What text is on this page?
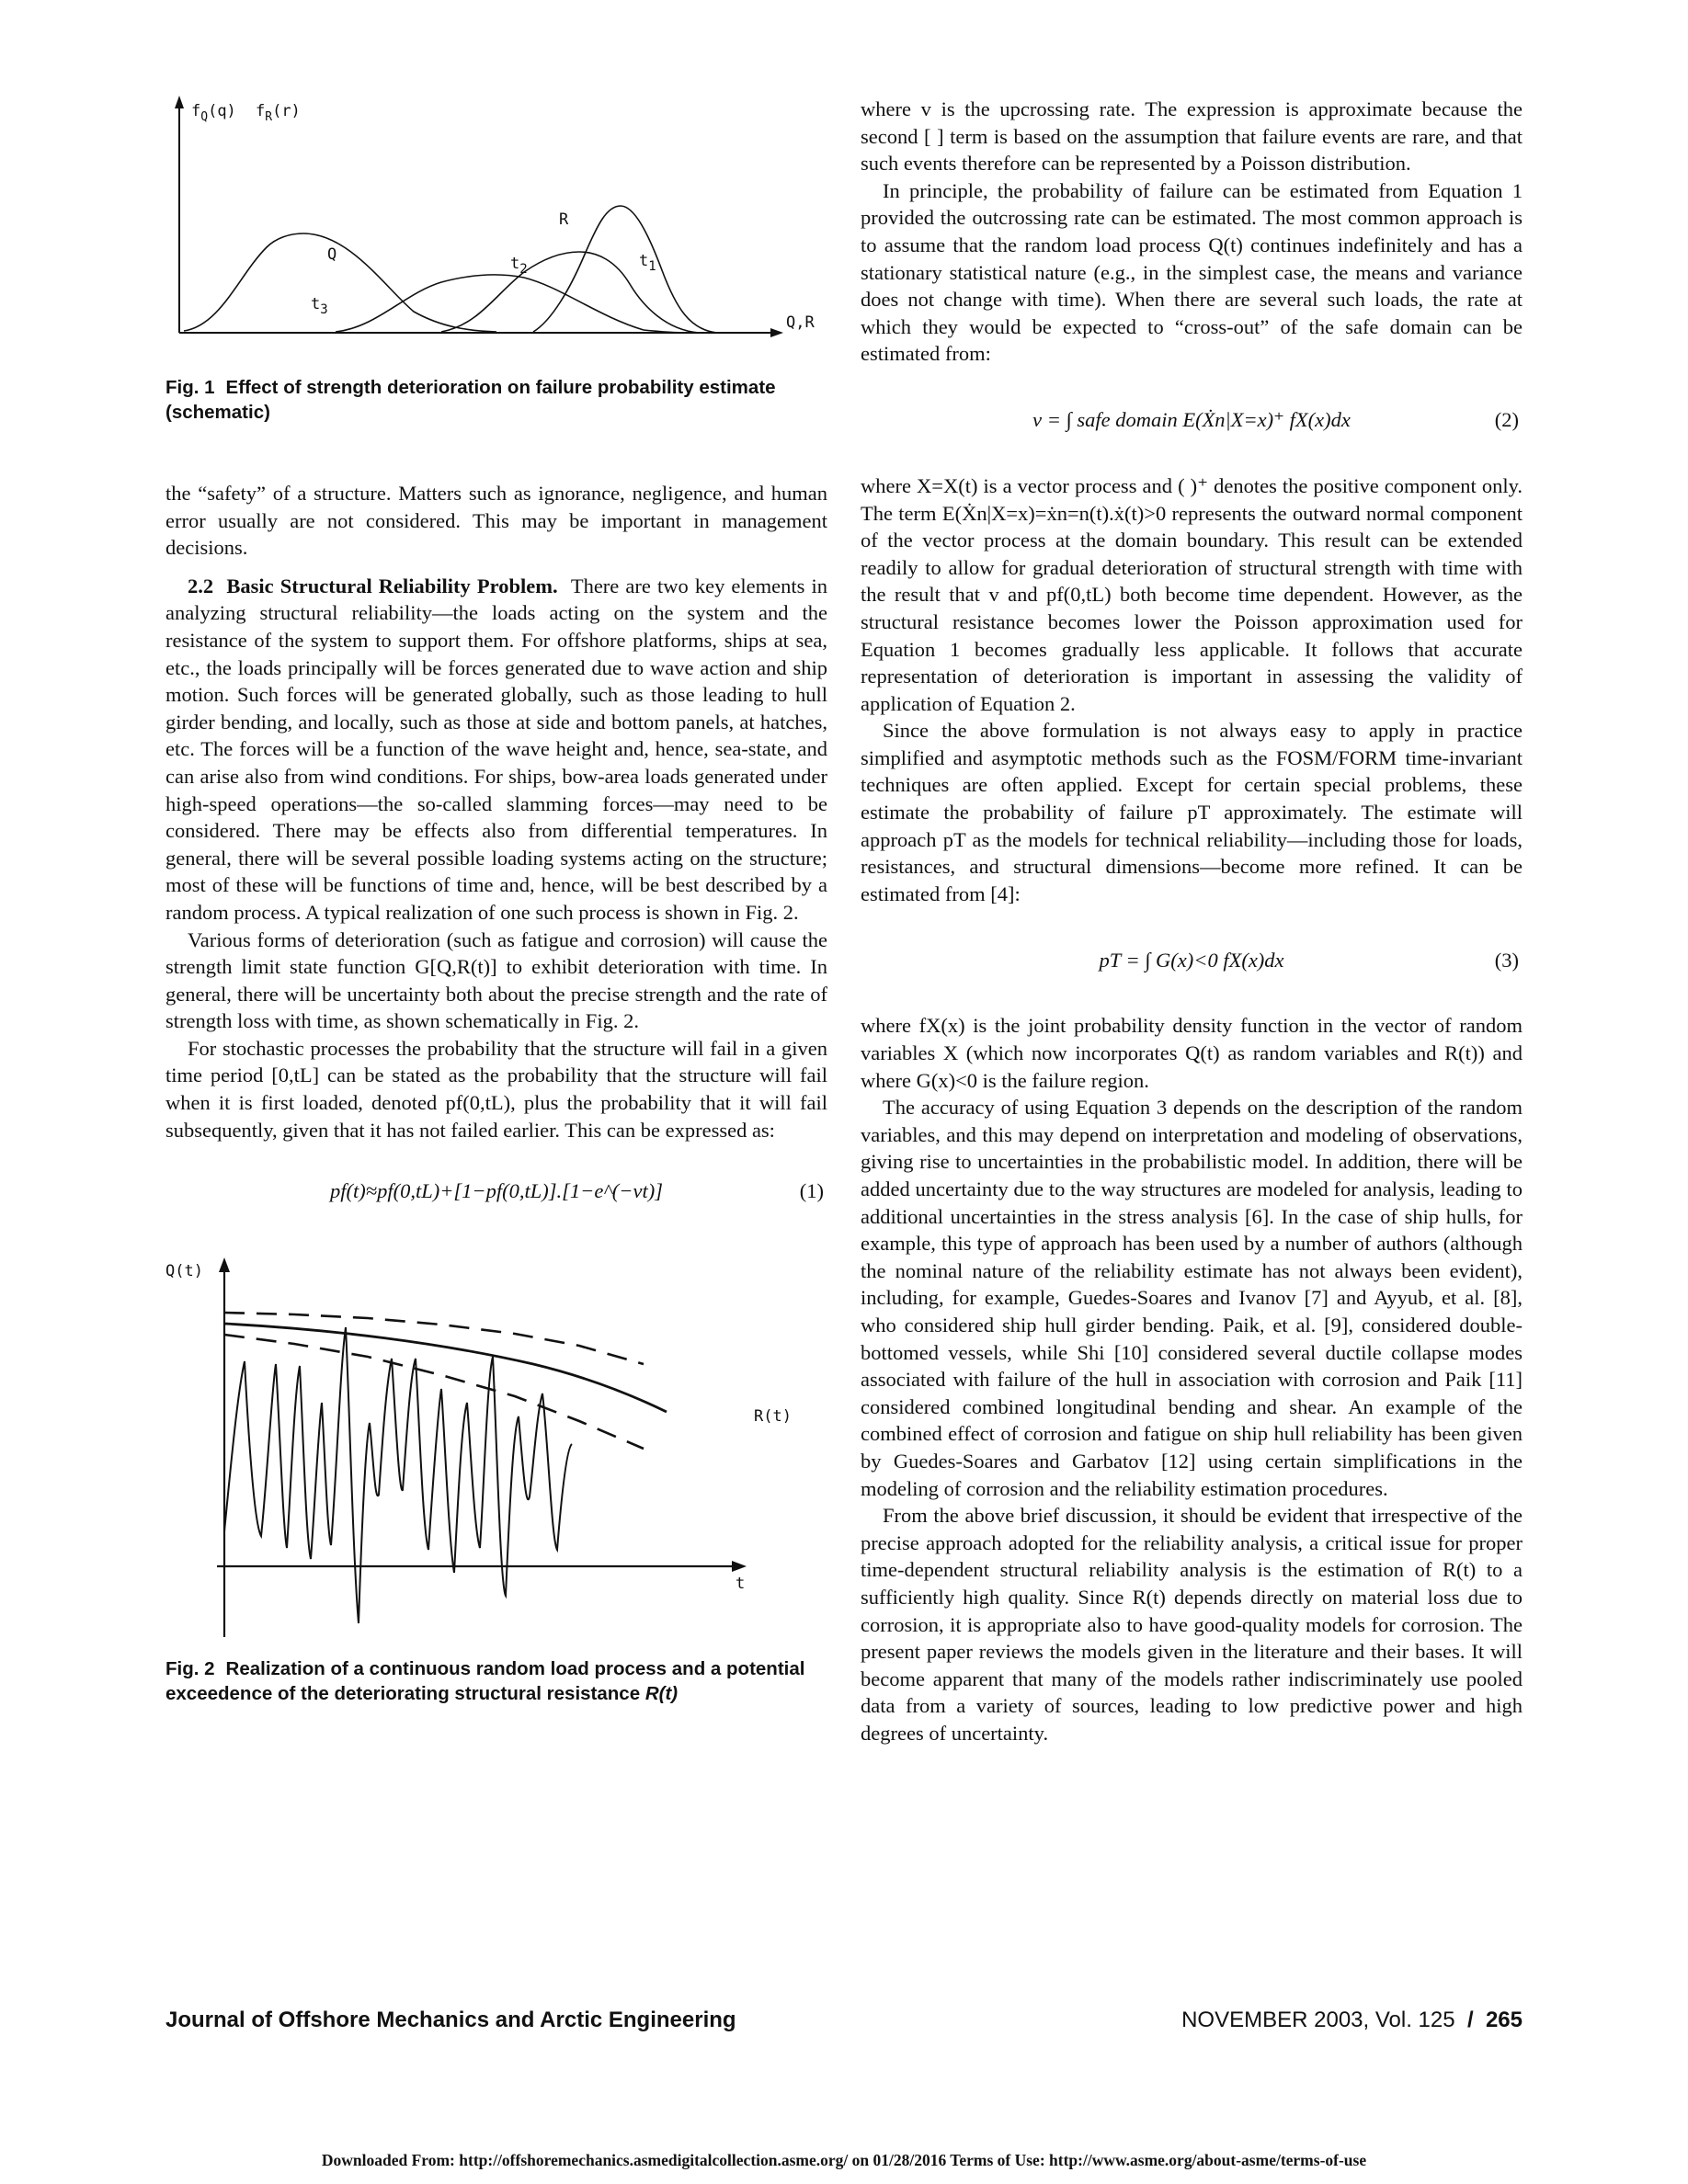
$f_Q(q)$ $f_R(r)$
Q
R
$t_2$	$t_1$
$t_3$
Q,R
Fig. 1 Effect of strength deterioration on failure probability estimate (schematic)

the “safety” of a structure. Matters such as ignorance, negligence, and human error usually are not considered. This may be important in management decisions.

2.2 Basic Structural Reliability Problem. There are two key elements in analyzing structural reliability—the loads acting on the system and the resistance of the system to support them. For offshore platforms, ships at sea, etc., the loads principally will be forces generated due to wave action and ship motion. Such forces will be generated globally, such as those leading to hull girder bending, and locally, such as those at side and bottom panels, at hatches, etc. The forces will be a function of the wave height and, hence, sea-state, and can arise also from wind conditions. For ships, bow-area loads generated under high-speed operations—the so-called slamming forces—may need to be considered. There may be effects also from differential temperatures. In general, there will be several possible loading systems acting on the structure; most of these will be functions of time and, hence, will be best described by a random process. A typical realization of one such process is shown in Fig. 2.

Various forms of deterioration (such as fatigue and corrosion) will cause the strength limit state function G[Q,R(t)] to exhibit deterioration with time. In general, there will be uncertainty both about the precise strength and the rate of strength loss with time, as shown schematically in Fig. 2.

For stochastic processes the probability that the structure will fail in a given time period [0,tL] can be stated as the probability that the structure will fail when it is first loaded, denoted pf(0,tL), plus the probability that it will fail subsequently, given that it has not failed earlier. This can be expressed as:

pf(t)≈pf(0,tL)+[1−pf(0,tL)].[1−e^(−vt)]	(1)
Q(t)
t
R(t)
Fig. 2 Realization of a continuous random load process and a potential exceedence of the deteriorating structural resistance R(t)

where v is the upcrossing rate. The expression is approximate because the second [ ] term is based on the assumption that failure events are rare, and that such events therefore can be represented by a Poisson distribution.

In principle, the probability of failure can be estimated from Equation 1 provided the outcrossing rate can be estimated. The most common approach is to assume that the random load process Q(t) continues indefinitely and has a stationary statistical nature (e.g., in the simplest case, the means and variance does not change with time). When there are several such loads, the rate at which they would be expected to “cross-out” of the safe domain can be estimated from:

v = ∫ safe domain E(Ẋn|X=x)⁺ fX(x)dx	(2)

where X=X(t) is a vector process and ( )⁺ denotes the positive component only. The term E(Ẋn|X=x)=ẋn=n(t).ẋ(t)>0 represents the outward normal component of the vector process at the domain boundary. This result can be extended readily to allow for gradual deterioration of structural strength with time with the result that v and pf(0,tL) both become time dependent. However, as the structural resistance becomes lower the Poisson approximation used for Equation 1 becomes gradually less applicable. It follows that accurate representation of deterioration is important in assessing the validity of application of Equation 2.

Since the above formulation is not always easy to apply in practice simplified and asymptotic methods such as the FOSM/FORM time-invariant techniques are often applied. Except for certain special problems, these estimate the probability of failure pT approximately. The estimate will approach pT as the models for technical reliability—including those for loads, resistances, and structural dimensions—become more refined. It can be estimated from [4]:

pT = ∫ G(x)<0 fX(x)dx	(3)

where fX(x) is the joint probability density function in the vector of random variables X (which now incorporates Q(t) as random variables and R(t)) and where G(x)<0 is the failure region.

The accuracy of using Equation 3 depends on the description of the random variables, and this may depend on interpretation and modeling of observations, giving rise to uncertainties in the probabilistic model. In addition, there will be added uncertainty due to the way structures are modeled for analysis, leading to additional uncertainties in the stress analysis [6]. In the case of ship hulls, for example, this type of approach has been used by a number of authors (although the nominal nature of the reliability estimate has not always been evident), including, for example, Guedes-Soares and Ivanov [7] and Ayyub, et al. [8], who considered ship hull girder bending. Paik, et al. [9], considered double-bottomed vessels, while Shi [10] considered several ductile collapse modes associated with failure of the hull in association with corrosion and Paik [11] considered combined longitudinal bending and shear. An example of the combined effect of corrosion and fatigue on ship hull reliability has been given by Guedes-Soares and Garbatov [12] using certain simplifications in the modeling of corrosion and the reliability estimation procedures.

From the above brief discussion, it should be evident that irrespective of the precise approach adopted for the reliability analysis, a critical issue for proper time-dependent structural reliability analysis is the estimation of R(t) to a sufficiently high quality. Since R(t) depends directly on material loss due to corrosion, it is appropriate also to have good-quality models for corrosion. The present paper reviews the models given in the literature and their bases. It will become apparent that many of the models rather indiscriminately use pooled data from a variety of sources, leading to low predictive power and high degrees of uncertainty.

Journal of Offshore Mechanics and Arctic Engineering	NOVEMBER 2003, Vol. 125 / 265
Downloaded From: http://offshoremechanics.asmedigitalcollection.asme.org/ on 01/28/2016 Terms of Use: http://www.asme.org/about-asme/terms-of-use
